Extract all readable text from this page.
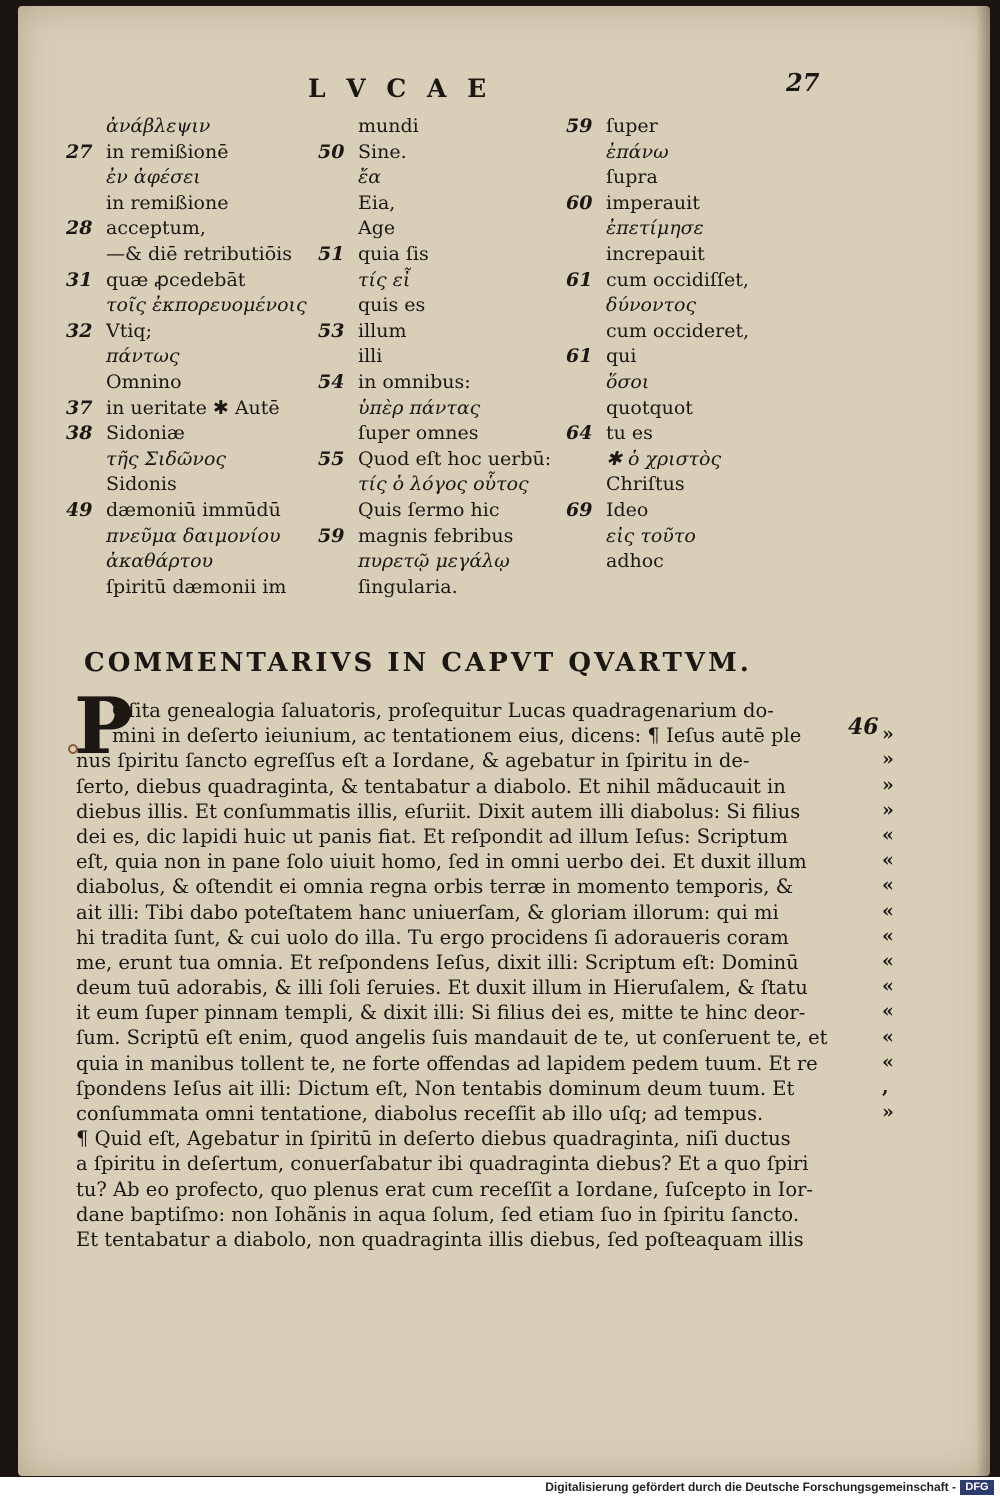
L V C A E	27
ἀνάβλεψιν
27 in remißionē
ἐν ἀφέσει
in remißione
28 acceptum,
—& diē retributiōis
31 quæ ꝓcedebāt
τοῖς ἐκπορευομένοις
32 Vtiq;
πάντως
Omnino
37 in ueritate ✱ Autē
38 Sidoniæ
τῆς Σιδῶνος
Sidonis
49 dæmoniū immūdū
πνεῦμα δαιμονίου
ἀκαθάρτου
ſpiritū dæmonii im
mundi
50 Sine.
ἔα
Eia,
Age
51 quia ſis
τίς εἶ
quis es
53 illum
illi
54 in omnibus:
ὑπὲρ πάντας
ſuper omnes
55 Quod eſt hoc uerbū:
τίς ὁ λόγος οὗτος
Quis ſermo hic
59 magnis febribus
πυρετῷ μεγάλῳ
ſingularia.
59 ſuper
ἐπάνω
ſupra
60 imperauit
ἐπετίμησε
increpauit
61 cum occidiſſet,
δύνοντος
cum occideret,
61 qui
ὅσοι
quotquot
64 tu es
✱ ὁ χριστὸς
Chriſtus
69 Ideo
εἰς τοῦτο
adhoc
COMMENTARIVS IN CAPVT QVARTVM.
46
P
Oſita genealogia ſaluatoris, proſequitur Lucas quadragenarium do-
mini in deſerto ieiunium, ac tentationem eius, dicens: ¶ Ieſus autē ple	»
nus ſpiritu ſancto egreſſus eſt a Iordane, & agebatur in ſpiritu in de-	»
ſerto, diebus quadraginta, & tentabatur a diabolo. Et nihil mãducauit in	»
diebus illis. Et conſummatis illis, eſuriit. Dixit autem illi diabolus: Si filius	»
dei es, dic lapidi huic ut panis fiat. Et reſpondit ad illum Ieſus: Scriptum	«
eſt, quia non in pane ſolo uiuit homo, ſed in omni uerbo dei. Et duxit illum	«
diabolus, & oſtendit ei omnia regna orbis terræ in momento temporis, &	«
ait illi: Tibi dabo poteſtatem hanc uniuerſam, & gloriam illorum: qui mi	«
hi tradita ſunt, & cui uolo do illa. Tu ergo procidens ſi adoraueris coram	«
me, erunt tua omnia. Et reſpondens Ieſus, dixit illi: Scriptum eſt: Dominū	«
deum tuū adorabis, & illi ſoli ſeruies. Et duxit illum in Hieruſalem, & ſtatu	«
it eum ſuper pinnam templi, & dixit illi: Si filius dei es, mitte te hinc deor-	«
ſum. Scriptū eſt enim, quod angelis ſuis mandauit de te, ut conſeruent te, et	«
quia in manibus tollent te, ne forte offendas ad lapidem pedem tuum. Et re	«
ſpondens Ieſus ait illi: Dictum eſt, Non tentabis dominum deum tuum. Et	,
conſummata omni tentatione, diabolus receſſit ab illo uſq; ad tempus.	»
¶ Quid eſt, Agebatur in ſpiritū in deſerto diebus quadraginta, niſi ductus
a ſpiritu in deſertum, conuerſabatur ibi quadraginta diebus? Et a quo ſpiri
tu? Ab eo profecto, quo plenus erat cum receſſit a Iordane, ſuſcepto in Ior-
dane baptiſmo: non Iohãnis in aqua ſolum, ſed etiam ſuo in ſpiritu ſancto.
Et tentabatur a diabolo, non quadraginta illis diebus, ſed poſteaquam illis
Digitalisierung gefördert durch die Deutsche Forschungsgemeinschaft - DFG
